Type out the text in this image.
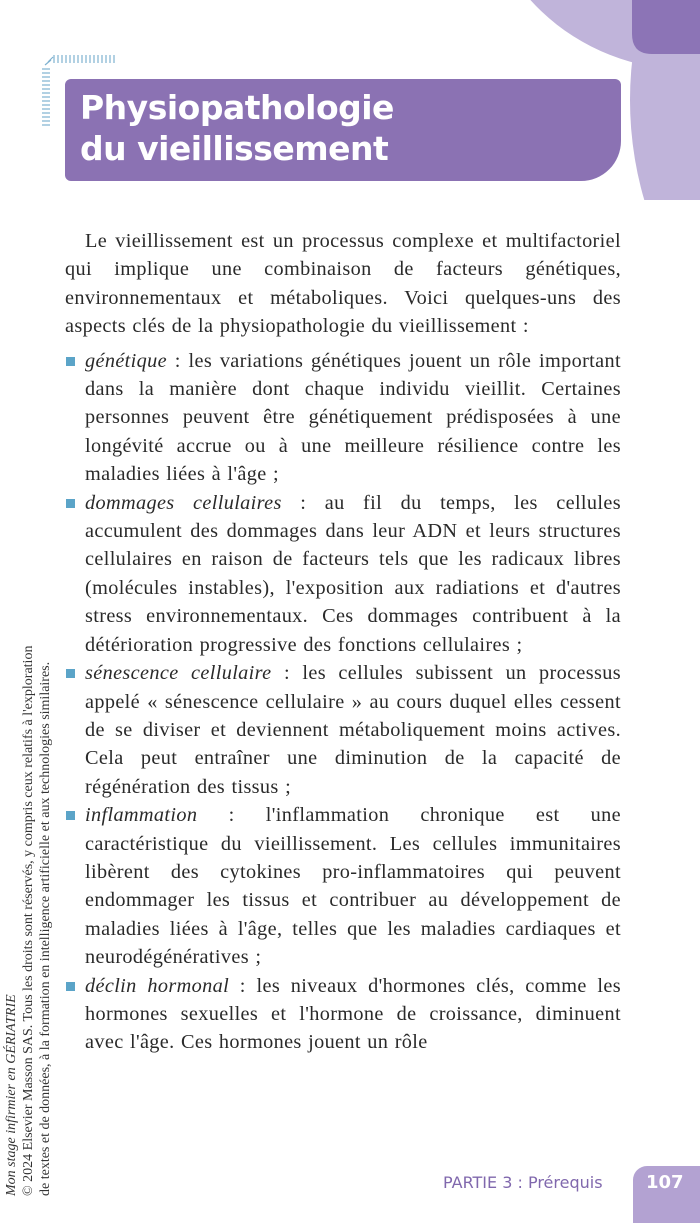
Physiopathologie
du vieillissement

Le vieillissement est un processus complexe et multifactoriel qui implique une combinaison de facteurs génétiques, environnementaux et métaboliques. Voici quelques-uns des aspects clés de la physiopathologie du vieillissement :

génétique : les variations génétiques jouent un rôle important dans la manière dont chaque individu vieillit. Certaines personnes peuvent être génétiquement prédisposées à une longévité accrue ou à une meilleure résilience contre les maladies liées à l'âge ;
dommages cellulaires : au fil du temps, les cellules accumulent des dommages dans leur ADN et leurs structures cellulaires en raison de facteurs tels que les radicaux libres (molécules instables), l'exposition aux radiations et d'autres stress environnementaux. Ces dommages contribuent à la détérioration progressive des fonctions cellulaires ;
sénescence cellulaire : les cellules subissent un processus appelé « sénescence cellulaire » au cours duquel elles cessent de se diviser et deviennent métaboliquement moins actives. Cela peut entraîner une diminution de la capacité de régénération des tissus ;
inflammation : l'inflammation chronique est une caractéristique du vieillissement. Les cellules immunitaires libèrent des cytokines pro-inflammatoires qui peuvent endommager les tissus et contribuer au développement de maladies liées à l'âge, telles que les maladies cardiaques et neurodégénératives ;
déclin hormonal : les niveaux d'hormones clés, comme les hormones sexuelles et l'hormone de croissance, diminuent avec l'âge. Ces hormones jouent un rôle
Mon stage infirmier en GÉRIATRIE © 2024 Elsevier Masson SAS. Tous les droits sont réservés, y compris ceux relatifs à l'exploration de textes et de données, à la formation en intelligence artificielle et aux technologies similaires.	PARTIE 3 : Prérequis 107
